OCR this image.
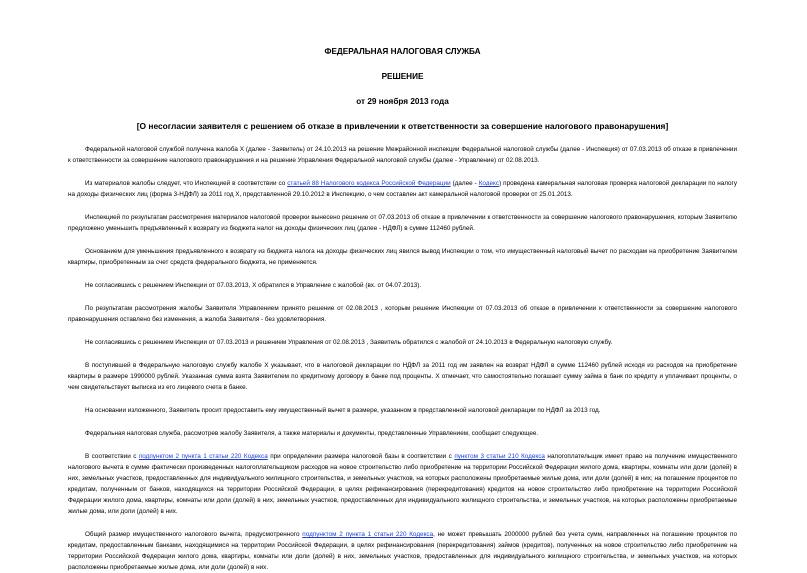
ФЕДЕРАЛЬНАЯ НАЛОГОВАЯ СЛУЖБА

РЕШЕНИЕ

от 29 ноября 2013 года

[О несогласии заявителя с решением об отказе в привлечении к ответственности за совершение налогового правонарушения]

Федеральной налоговой службой получена жалоба Х (далее - Заявитель) от 24.10.2013 на решение Межрайонной инспекции Федеральной налоговой службы (далее - Инспекция) от 07.03.2013 об отказе в привлечении к ответственности за совершение налогового правонарушения и на решение Управления Федеральной налоговой службы (далее - Управление) от 02.08.2013.

Из материалов жалобы следует, что Инспекцией в соответствии со статьей 88 Налогового кодекса Российской Федерации (далее - Кодекс) проведена камеральная налоговая проверка налоговой декларации по налогу на доходы физических лиц (форма 3-НДФЛ) за 2011 год Х, представленной 29.10.2012 в Инспекцию, о чем составлен акт камеральной налоговой проверки от 25.01.2013.

Инспекцией по результатам рассмотрения материалов налоговой проверки вынесено решение от 07.03.2013 об отказе в привлечении к ответственности за совершение налогового правонарушения, которым Заявителю предложено уменьшить предъявленный к возврату из бюджета налог на доходы физических лиц (далее - НДФЛ) в сумме 112460 рублей.

Основанием для уменьшения предъявленного к возврату из бюджета налога на доходы физических лиц явился вывод Инспекции о том, что имущественный налоговый вычет по расходам на приобретение Заявителем квартиры, приобретенным за счет средств федерального бюджета, не применяется.

Не согласившись с решением Инспекции от 07.03.2013, Х обратился в Управление с жалобой (вх. от 04.07.2013).

По результатам рассмотрения жалобы Заявителя Управлением принято решение от 02.08.2013 , которым решение Инспекции от 07.03.2013 об отказе в привлечении к ответственности за совершение налогового правонарушения оставлено без изменения, а жалоба Заявителя - без удовлетворения.

Не согласившись с решением Инспекции от 07.03.2013 и решением Управления от 02.08.2013 , Заявитель обратился с жалобой от 24.10.2013 в Федеральную налоговую службу.

В поступившей в Федеральную налоговую службу жалобе Х указывает, что в налоговой декларации по НДФЛ за 2011 год им заявлен на возврат НДФЛ в сумме 112460 рублей исходя из расходов на приобретение квартиры в размере 1990000 рублей. Указанная сумма взята Заявителем по кредитному договору в банке под проценты. Х отмечает, что самостоятельно погашает сумму займа в банк по кредиту и уплачивает проценты, о чем свидетельствует выписка из его лицевого счета в банке.

На основании изложенного, Заявитель просит предоставить ему имущественный вычет в размере, указанном в представленной налоговой декларации по НДФЛ за 2013 год.

Федеральная налоговая служба, рассмотрев жалобу Заявителя, а также материалы и документы, представленные Управлением, сообщает следующее.

В соответствии с подпунктом 2 пункта 1 статьи 220 Кодекса при определении размера налоговой базы в соответствии с пунктом 3 статьи 210 Кодекса налогоплательщик имеет право на получение имущественного налогового вычета в сумме фактически произведенных налогоплательщиком расходов на новое строительство либо приобретение на территории Российской Федерации жилого дома, квартиры, комнаты или доли (долей) в них, земельных участков, предоставленных для индивидуального жилищного строительства, и земельных участков, на которых расположены приобретаемые жилые дома, или доли (долей) в них; на погашение процентов по кредитам, полученным от банков, находящихся на территории Российской Федерации, в целях рефинансирования (перекредитования) кредитов на новое строительство либо приобретение на территории Российской Федерации жилого дома, квартиры, комнаты или доли (долей) в них, земельных участков, предоставленных для индивидуального жилищного строительства, и земельных участков, на которых расположены приобретаемые жилые дома, или доли (долей) в них.

Общий размер имущественного налогового вычета, предусмотренного подпунктом 2 пункта 1 статьи 220 Кодекса, не может превышать 2000000 рублей без учета сумм, направленных на погашение процентов по кредитам, предоставленным банками, находящимися на территории Российской Федерации, в целях рефинансирования (перекредитования) займов (кредитов), полученных на новое строительство либо приобретение на территории Российской Федерации жилого дома, квартиры, комнаты или доли (долей) в них, земельных участков, предоставленных для индивидуального жилищного строительства, и земельных участков, на которых расположены приобретаемые жилые дома, или доли (долей) в них.
